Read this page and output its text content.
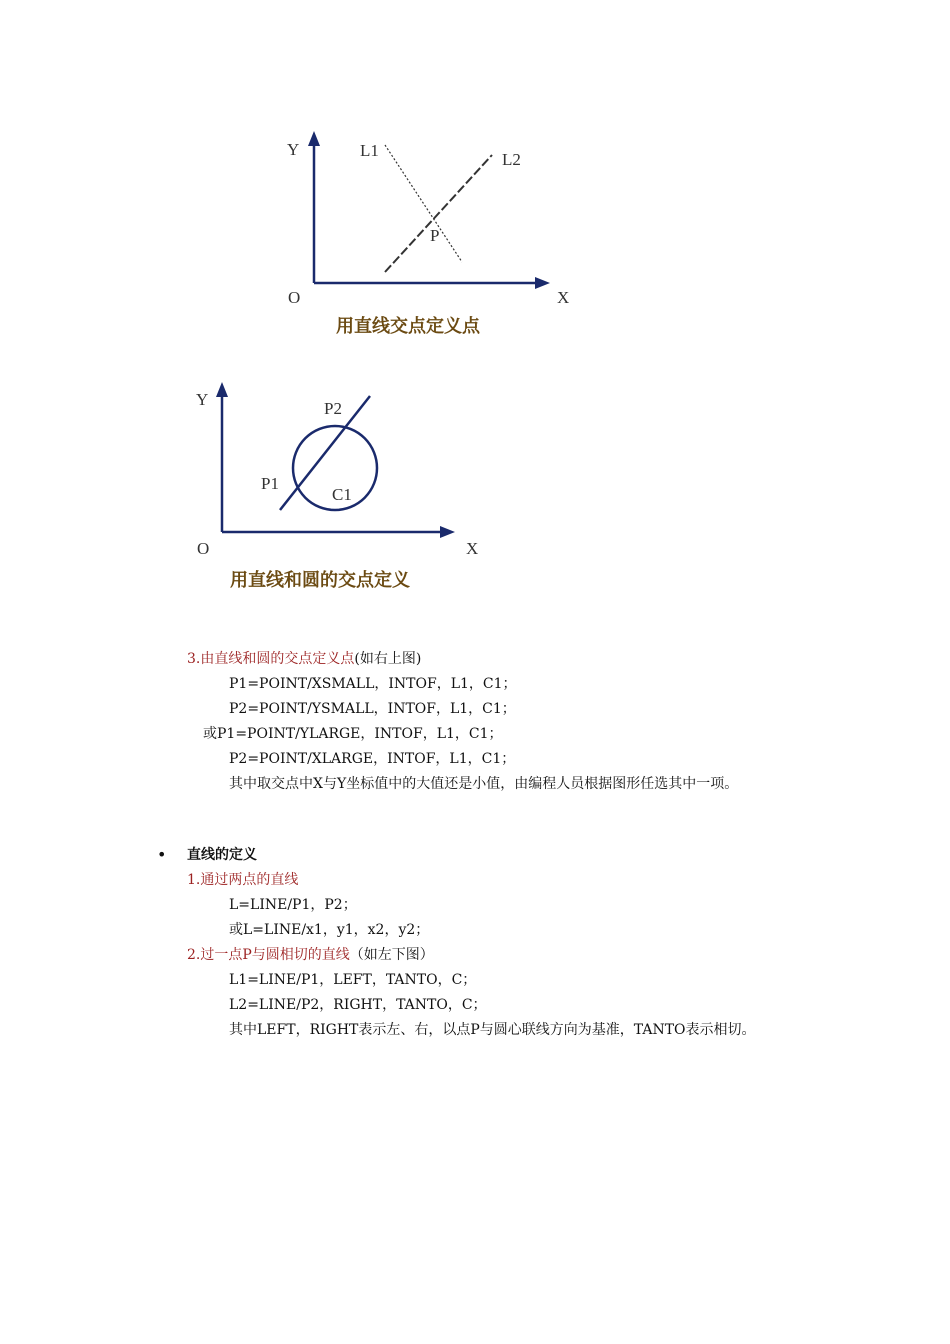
Y	L1	L2
P
O	X
用直线交点定义点
Y	P2
P1
C1
O	X
用直线和圆的交点定义
3.由直线和圆的交点定义点(如右上图)
P1=POINT/XSMALL，INTOF，L1，C1；
P2=POINT/YSMALL，INTOF，L1，C1；
或P1=POINT/YLARGE，INTOF，L1，C1；
P2=POINT/XLARGE，INTOF，L1，C1；
其中取交点中X与Y坐标值中的大值还是小值，由编程人员根据图形任选其中一项。
• 直线的定义
1.通过两点的直线
L=LINE/P1，P2；
或L=LINE/x1，y1，x2，y2；
2.过一点P与圆相切的直线（如左下图）
L1=LINE/P1，LEFT，TANTO，C；
L2=LINE/P2，RIGHT，TANTO，C；
其中LEFT，RIGHT表示左、右，以点P与圆心联线方向为基准，TANTO表示相切。
